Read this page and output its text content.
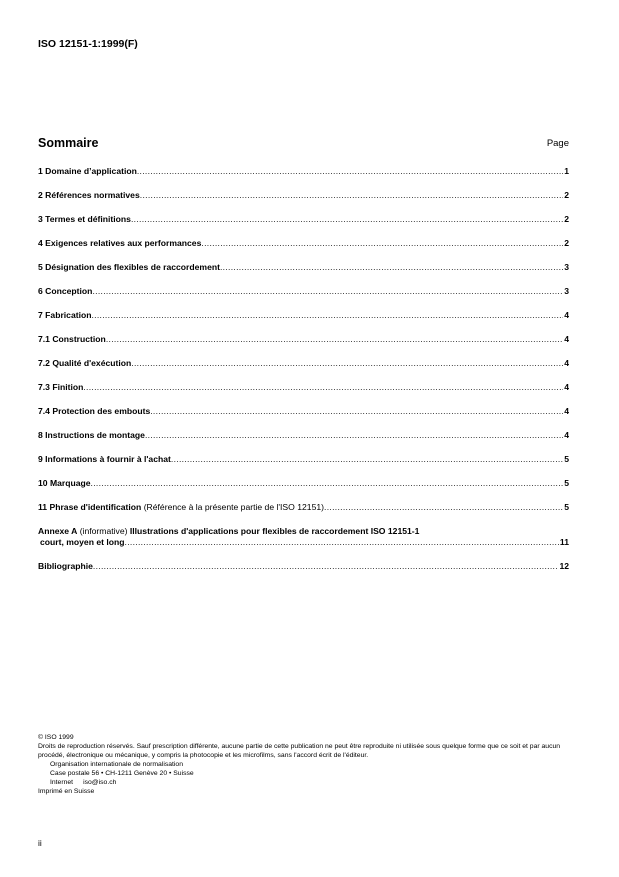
ISO 12151-1:1999(F)
Sommaire	Page
1 Domaine d’application .....	1
2 Références normatives .....	2
3 Termes et définitions .....	2
4 Exigences relatives aux performances .....	2
5 Désignation des flexibles de raccordement .....	3
6 Conception .....	3
7 Fabrication .....	4
7.1 Construction .....	4
7.2 Qualité d'exécution .....	4
7.3 Finition .....	4
7.4 Protection des embouts .....	4
8 Instructions de montage .....	4
9 Informations à fournir à l'achat .....	5
10 Marquage .....	5
11 Phrase d'identification
(Référence à la présente partie de l'ISO 12151) .....	5
Annexe A (informative) Illustrations d'applications pour flexibles de raccordement ISO 12151-1
court, moyen et long .....	11
Bibliographie .....	12
© ISO 1999
Droits de reproduction réservés. Sauf prescription différente, aucune partie de cette publication ne peut être reproduite ni utilisée sous quelque forme que ce soit et par aucun procédé, électronique ou mécanique, y compris la photocopie et les microfilms, sans l'accord écrit de l'éditeur.
Organisation internationale de normalisation
Case postale 56 • CH-1211 Genève 20 • Suisse
Internet iso@iso.ch
Imprimé en Suisse
ii
